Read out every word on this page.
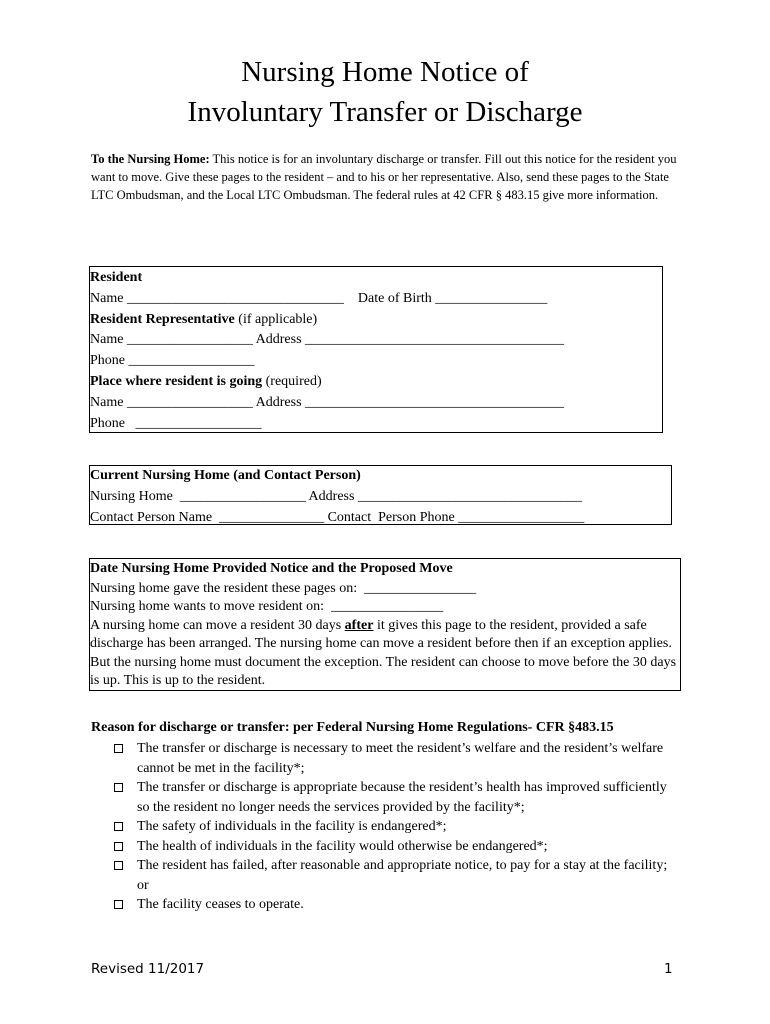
Nursing Home Notice of
Involuntary Transfer or Discharge
To the Nursing Home: This notice is for an involuntary discharge or transfer. Fill out this notice for the resident you want to move. Give these pages to the resident – and to his or her representative. Also, send these pages to the State LTC Ombudsman, and the Local LTC Ombudsman. The federal rules at 42 CFR § 483.15 give more information.
Resident
Name _______________________________    Date of Birth ________________
Resident Representative (if applicable)
Name __________________ Address _____________________________________
Phone __________________
Place where resident is going (required)
Name __________________ Address _____________________________________
Phone   __________________
Current Nursing Home (and Contact Person)
Nursing Home  __________________ Address ________________________________
Contact Person Name  _______________ Contact  Person Phone __________________
Date Nursing Home Provided Notice and the Proposed Move
Nursing home gave the resident these pages on:  ________________
Nursing home wants to move resident on:  ________________
A nursing home can move a resident 30 days after it gives this page to the resident, provided a safe discharge has been arranged. The nursing home can move a resident before then if an exception applies. But the nursing home must document the exception. The resident can choose to move before the 30 days is up. This is up to the resident.
Reason for discharge or transfer: per Federal Nursing Home Regulations- CFR §483.15
The transfer or discharge is necessary to meet the resident’s welfare and the resident’s welfare cannot be met in the facility*;
The transfer or discharge is appropriate because the resident’s health has improved sufficiently so the resident no longer needs the services provided by the facility*;
The safety of individuals in the facility is endangered*;
The health of individuals in the facility would otherwise be endangered*;
The resident has failed, after reasonable and appropriate notice, to pay for a stay at the facility; or
The facility ceases to operate.
Revised 11/2017	1
